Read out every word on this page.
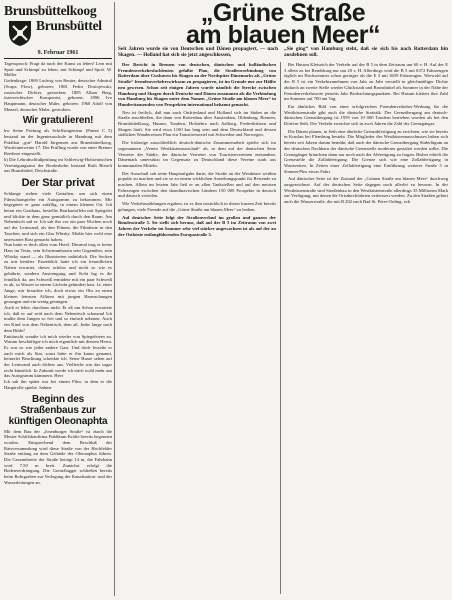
Brunsbüttelkoog
Brunsbüttel
9. Februar 1961

Tagesspruch: Fragt da nach der Kunst zu leben! Lern mit Spott und Schimpf zu leben, mit Schimpf und Spott. W. Müller

Gedenktage: 1869 Ludwig von Reuter, deutscher Admiral (Scapa Flow), geboren; 1881 Fedor Dostojewski, russischer Dichter, gestorben; 1885 Alban Berg, österreichischer Komponist, geboren; 1896 Ivo Hauptmann, deutscher Maler, geboren; 1960 Adolf von Menzel, deutscher Maler, gestorben.

Wir gratulieren!

hw Seine Prüfung als Schiffsingenieur (Patent C 5) bestand an der Ingenieurschule in Hamburg mit dem Prädikat „gut“ Harald Jürgensen aus Brunsbüttelkoog, Wurtleutetweute 17. Der Prüfling wurde von einer Bremer Reederei eingestellt.

h) Die Lehrabschlußprüfung im Schleswig-Holsteinischen Vereinigungsamt der Bordesholm bestand Ruth Bieselt aus Brunsbüttel, Deichstraße.

Der Star privat

Schlange stehen viele Gestalten, um sich einen Filmschauspieler ein Autogramm zu bekommen. Mir begegnete er ganz zufällig, in einem kleinen Ort. Ich betrat ein Gasthaus, bestellte Bratkartoffeln mit Spiegelei und blickte in dem ganz gemütlich durch den Raum. Am Nebentisch saß er. Ich sah ihn vor ein paar Wochen noch auf der Leinwand, als den Filmen, die Filmleute in den Tauchen, und sich ein Glas Whisky. Mußte hier wohl eine unerwartet Rast gemacht haben.

Nun hatte er doch allen vom Hotel. Diesmal trug er keine Hass im Tesin, sein Schwimmbassin sein Gegenüber, sein Whisky stand — als Illustrierten nahtürlich. Die Socken zu mir herüber. Essenblick hatte ich ein freundlichen Nahen erwartet, dieses achtlos und nicht so wie es gebührte, sondern Anstrengung und Sicht lag es dir feindlich da, um Schweiß ermüdete mit ein paar Schweiß es ab, so Wasser in einem Lächeln gehindert hast. Ja, einer Junge, mir brauchte ich, doch etwas ein Ohr zu einen kleinen feinsten Affären mit jungen Harmschungen gesungen und ein wenig gesungen.

Auch er lebte, durchaus nicht. Er aß um Schon erwartete ich, daß er auf seid nach dem Nebentisch schauend Ich mußte dem Jungen so frei und so einfach nehmen. Auch ein Kind von dem Nebentisch, dem aß. Jeder lange nach dem Bilde?

Enttäuscht wandte ich mich wieder von Spiegeleiern zu. Warum beschäftigte ich mich eigentlich mit diesem Herrn. Er war so wie jeder andere Gast. Und doch fesselte er auch mich als Star, sonst hätte er ihn kaum genannt, keinerlei Beachtung schenkte ich. Seine Haare sehen auf der Leinwand auch dichter aus. Vielleicht war das sogar recht künstlich. In Zukunft werde ich mich wohl mehr um das Autogramm kümmern. Heer

Ich sah ihn später nur bei einem Film, in dem er die Hauptrolle spielte. Sabine

Beginn des Straßenbaus zur künftigen Oleonaphta

Mit dem Bau der „Josenburger Straße“ ist durch die Mester Schiffsbaufirma Publikum Kräfte bereits begonnen worden. Entsprechend dem Beschluß der Ratsversammlung wird diese Straße von der Hochfelder Straße entlang an dem Gelände der Oleonaphta führen. Die Gesamtbreite der Straße beträgt 14 m, die Fahrbahn wird 7,50 m breit. Zunächst erfolgt die Bodenverdrängung. Die Grenzflagger schließen bereits beim Rohrgraben zur Verlegung der Kanalisation- und der Wasserleitungen an.

„Grüne Straße
am blauen Meer“
Seit Jahren wurde sie von Deutschen und Dänen propagiert, — nach Skagen. — Holland hat sich sie jetzt angeschlossen,
„Sie ging“ von Hamburg steht, daß sie sich bis nach Rotterdam hin ausdehnen soll.

Der Bericht in Bremen von deutschen, dänischen und holländischen Fremdenverkehrsfachleuten gefaßte Plan, die Straßenverbindung von Rotterdam über Cuxhaven bis Skagen an der Nordspitze Dänemarks als „Grüne Straße“ fremdenverkehrswirksam zu propagieren, ist im Grunde nur zur Hälfte neu gewesen. Schon seit einigen Jahren wurde nämlich die Strecke zwischen Hamburg und Skagen durch Deutsche und Dänen zusammen als die Verbindung von Hamburg bis Skagen unter dem Namen „Grüne Straße am blauen Meer“ in Hunderttausenden von Prospekten international bekannt gemacht.

Neu ist freilich, daß nun auch Ostfriesland und Holland sich im Süden an die Straße anschließen, die dann von Rotterdam über Amsterdam, Oldenburg, Bremen, Brunsbüttelkoog, Husum, Tondern, Holstebro nach Aalborg, Frederikshavn und Skagen läuft. Sie wird etwa 1100 km lang sein und dem Deutschland und dessen südlichen Wanderreisen Plan ein Transitreiseziel mit Schweden und Norwegen.

Die bisherige ausschließlich deutsch-dänische Zusammenarbeit spielte sich im sogenannten „Verein Westküstenausschuß“ ab, in dem auf der deutschen Seite Vertreter der Städte, der dänische Vertreter von Touristenvereinen entsandten. Dänemark unterstützt im Gegensatz zu Deutschland diese Vereine stark aus kommunalen Mitteln.

Der Ausschuß sah seine Hauptaufgabe darin, die Straße an der Westküste weithin populär zu machen und sie so zu einem wirklichen Anziehungspunkt für Reisende zu machen. Allein im letzten Jahr ließ er an allen Tankstellen und auf den meisten Fahrzeugen zwischen den skandinavischen Ländern 150 000 Prospekte in deutsch und dänisch verteilen.

Wie Verkehrszählungen ergaben, ist es ihm tatsächlich in dieser kurzen Zeit bereits gelungen, viele Fremde auf die „Grüne Straße am blauen Meer“ zu lenken.

Auf deutscher Seite folgt der Straßenverlauf im großen und ganzen der Bundesstraße 5. Sie stellt sich heraus, daß auf der B 5 im Zeitraum von zwei Jahren der Verkehr im Sommer sehr viel stärker angewachsen ist als auf der an der Ostküste entlangführenden Europastraße 3.

Bei Husum Kleiseich der Verkehr auf der B 5 in dem Zeitraum um 60 v. H. Auf der E 3 allein zu bei Rendsburg nur um 20 v. H. Allerdings wird die B 5 mit 6372 Fahrzeugen täglich im Hochsommer schon geringer als die E 3 mit 3659 Fahrzeugen. Wiewohl auf der B 5 ist ein Verkehrzunehmen von Jahr zu Jahr verstellt in gleichmäßiger Dichte abdurch an zweite Stelle wieder Glückstadt und Brunsbüttel als Sommer in der Nähe der Fremdenverkehrsorte jenseits Jahr Beobachtungspunkten. Bei Husum klettert ihre Zahl im Sommer auf 700 am Tag.

Ein ähnliches Bild von einer erfolgreichen Fremdenverkehrs-Werbung für die Westküstenstraße gibt auch die dänische Statistik. Der Grenzübergang am deutsch-dänischen Grenzübergang ist 1959 von 10 000 Tondern betrieben worden als bei den Dörfern Seth. Der Verkehr erreichte sich in zwei Jahren die Zahl der Grenzgänger.

Die Dänen planen, in Seth eine ähnliche Grenzabfertigung zu errichten, wie sie bereits in Kruslau bei Flensburg besteht. Die Mitglieder des Westküstenausschusses haben sich bereits seit Jahren darum bemüht, daß auch der dänische Grenzübergang Süderlügum an der deutschen Nachbarn der dänische Grenzstelle moderner gestaltet werden sollte. Die Grenzgänger bräuchten dann nur noch nach der Abfertigung zu fragen. Bisher erhielt die Grenzstelle die Zollabfertigung. Die Grenze sich wie eine Zollabfertigung in Wartezeiten. In Zeiten einer Zollabfertigung eine Einführung weiterer Straße 5 in Sonnen-Pkw etwas Fahrt.

Auf dänischer Seite ist der Zustand der „Grünen Straße am blauen Meer“ durchweg ausgezeichnet. Auf der deutschen Seite dagegen noch allerlei zu bessern. In der Westküstenstraße sind Straßenbau in den Westküstenstraße allerdings 35 Millionen Mark zur Verfügung, mit denen die Ortsdurchfahrten verbessert werden. Zu den Straßen gehört auch die Wasserstraße, die mit B 202 nach Bad St. Peter-Ording. eck
